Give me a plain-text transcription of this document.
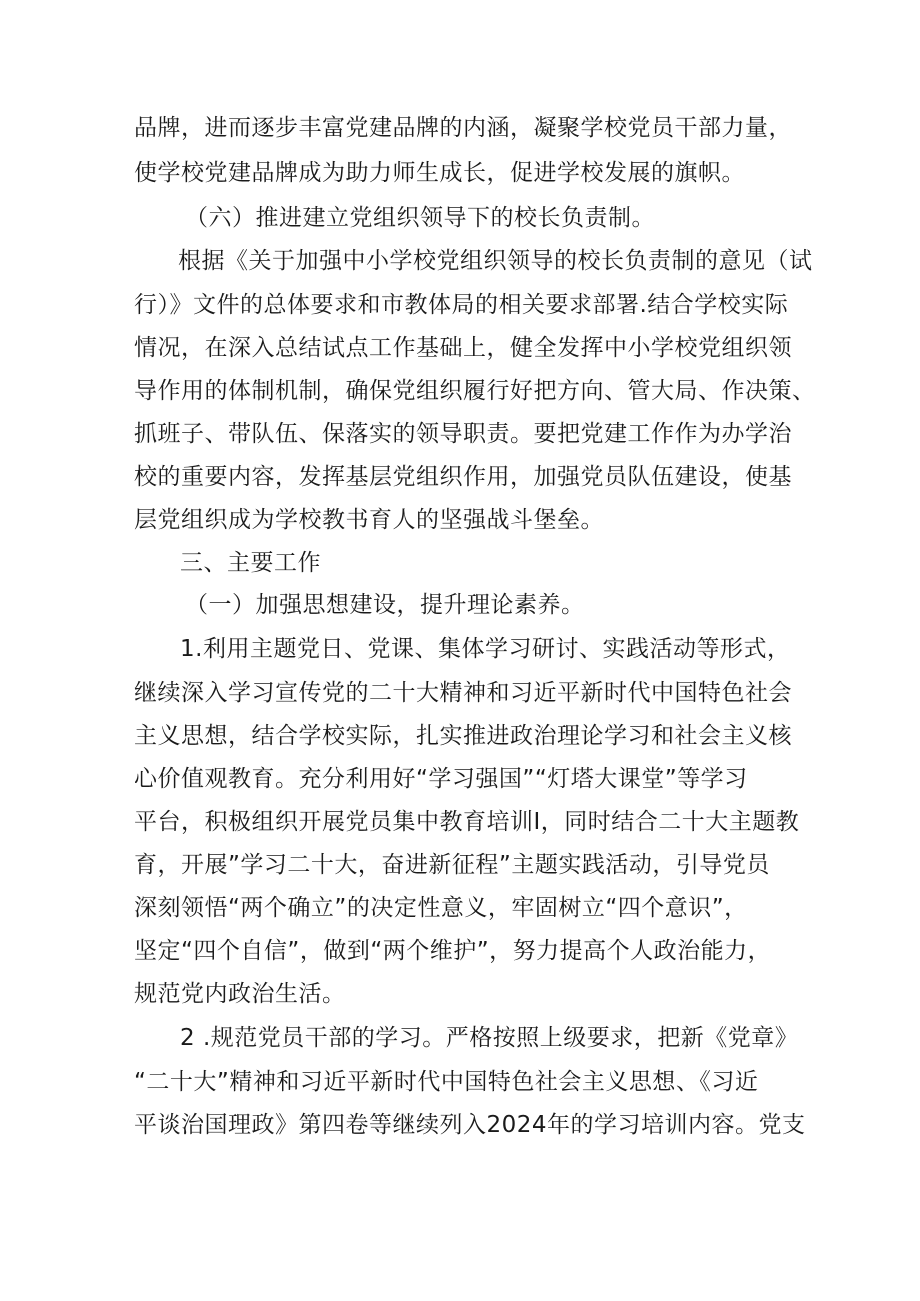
品牌，进而逐步丰富党建品牌的内涵，凝聚学校党员干部力量，
使学校党建品牌成为助力师生成长，促进学校发展的旗帜。
（六）推进建立党组织领导下的校长负责制。
根据《关于加强中小学校党组织领导的校长负责制的意见（试
行）》文件的总体要求和市教体局的相关要求部署.结合学校实际
情况，在深入总结试点工作基础上，健全发挥中小学校党组织领
导作用的体制机制，确保党组织履行好把方向、管大局、作决策、
抓班子、带队伍、保落实的领导职责。要把党建工作作为办学治
校的重要内容，发挥基层党组织作用，加强党员队伍建设，使基
层党组织成为学校教书育人的坚强战斗堡垒。
三、主要工作
（一）加强思想建设，提升理论素养。
1.利用主题党日、党课、集体学习研讨、实践活动等形式，
继续深入学习宣传党的二十大精神和习近平新时代中国特色社会
主义思想，结合学校实际，扎实推进政治理论学习和社会主义核
心价值观教育。充分利用好“学习强国”“灯塔大课堂”等学习
平台，积极组织开展党员集中教育培训I，同时结合二十大主题教
育，开展”学习二十大，奋进新征程”主题实践活动，引导党员
深刻领悟“两个确立”的决定性意义，牢固树立“四个意识”，
坚定“四个自信”，做到“两个维护”，努力提高个人政治能力，
规范党内政治生活。
2 .规范党员干部的学习。严格按照上级要求，把新《党章》
“二十大”精神和习近平新时代中国特色社会主义思想、《习近
平谈治国理政》第四卷等继续列入2024年的学习培训内容。党支
